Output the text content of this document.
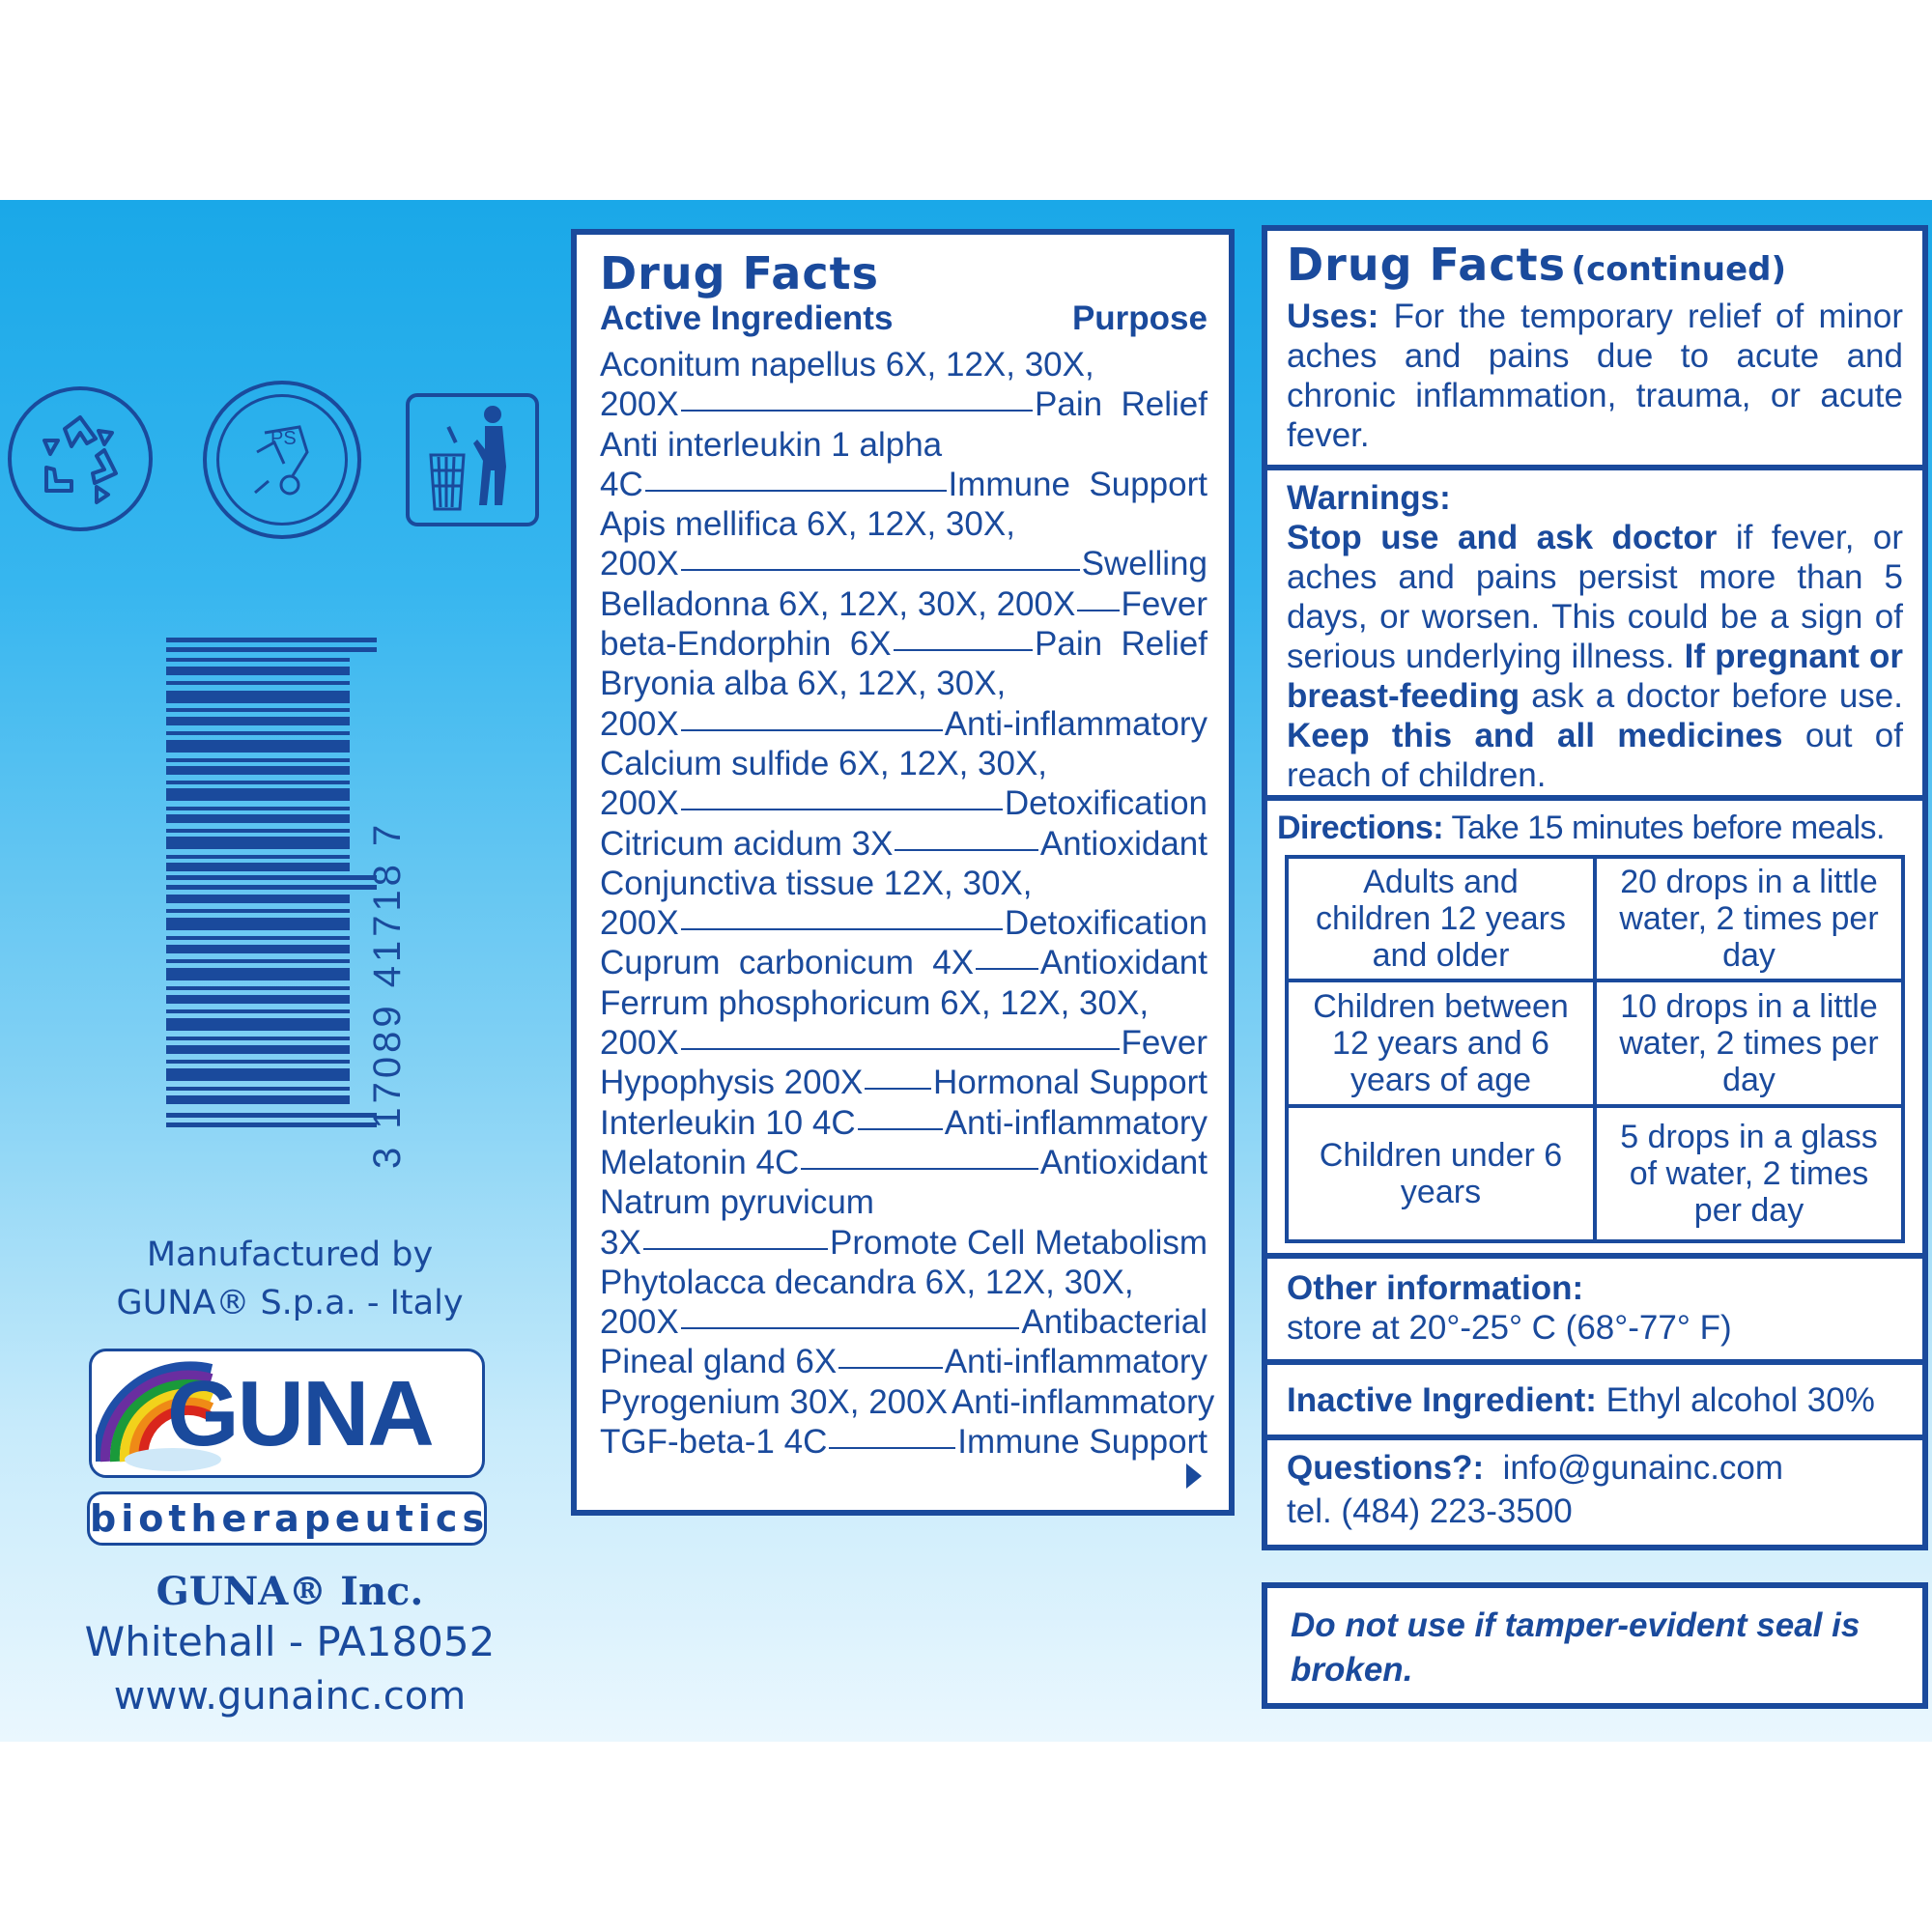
PS
3 17089 41718 7
Manufactured by
GUNA® S.p.a. - Italy
GUNA
biotherapeutics
GUNA® Inc.
Whitehall - PA18052
www.gunainc.com
Drug Facts
Active Ingredients	Purpose
Aconitum napellus 6X, 12X, 30X,
200X	Pain  Relief
Anti interleukin 1 alpha
4C	Immune  Support
Apis mellifica 6X, 12X, 30X,
200X	Swelling
Belladonna 6X, 12X, 30X, 200X Fever
beta-Endorphin  6X	Pain  Relief
Bryonia alba 6X, 12X, 30X,
200X	Anti-inflammatory
Calcium sulfide 6X, 12X, 30X,
200X	Detoxification
Citricum acidum 3X	Antioxidant
Conjunctiva tissue 12X, 30X,
200X	Detoxification
Cuprum  carbonicum  4X Antioxidant
Ferrum phosphoricum 6X, 12X, 30X,
200X	Fever
Hypophysis 200X Hormonal Support
Interleukin 10 4C	Anti-inflammatory
Melatonin 4C	Antioxidant
Natrum pyruvicum
3X	Promote Cell Metabolism
Phytolacca decandra 6X, 12X, 30X,
200X	Antibacterial
Pineal gland 6X	Anti-inflammatory
Pyrogenium 30X, 200X Anti-inflammatory
TGF-beta-1 4C	Immune Support
Drug Facts (continued)
Uses: For the temporary relief of minor aches and pains due to acute and chronic inflammation, trauma, or acute fever.
Warnings:
Stop use and ask doctor if fever, or aches and pains persist more than 5 days, or worsen. This could be a sign of serious underlying illness. If pregnant or breast-feeding ask a doctor before use. Keep this and all medicines out of reach of children.
Directions: Take 15 minutes before meals.
Adults and children 12 years and older	20 drops in a little water, 2 times per day
Children between 12 years and 6 years of age	10 drops in a little water, 2 times per day
Children under 6 years	5 drops in a glass of water, 2 times per day
Other information:
store at 20°-25° C (68°-77° F)
Inactive Ingredient: Ethyl alcohol 30%
Questions?: info@gunainc.com
tel. (484) 223-3500
Do not use if tamper-evident seal is broken.
